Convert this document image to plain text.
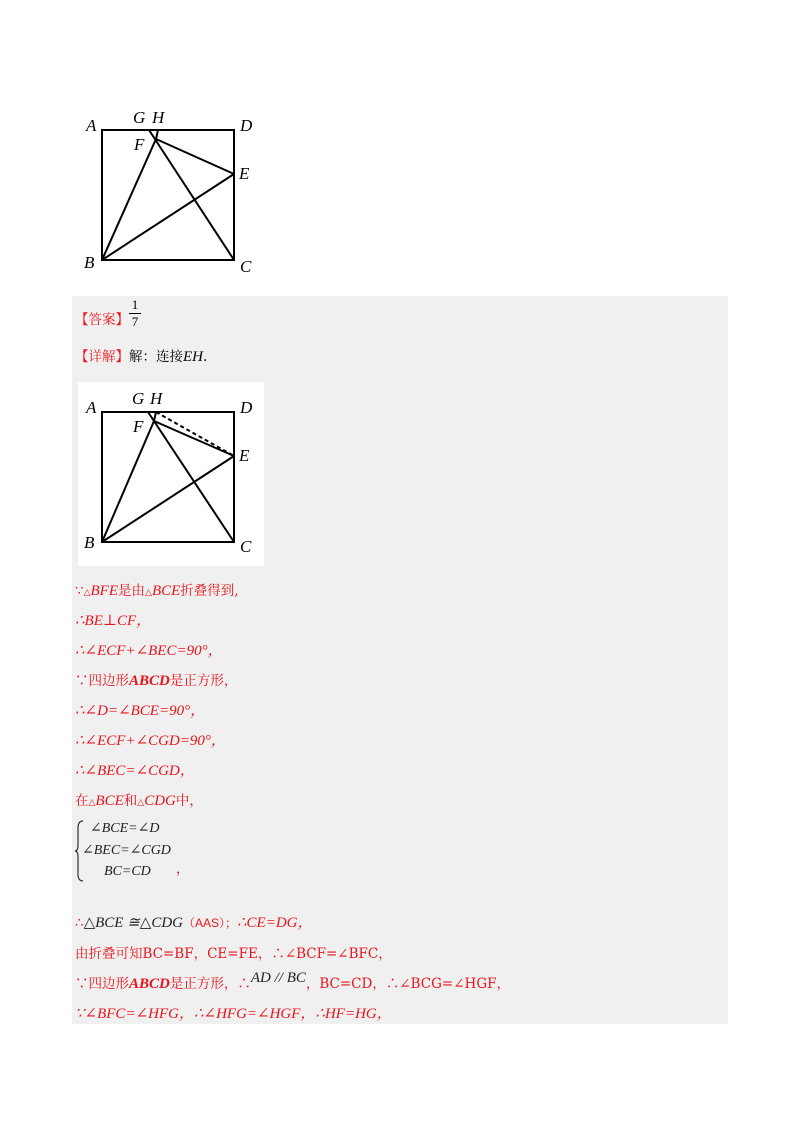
A G H	D
F
E
B	C
【答案】
1
7
【详解】解：连接EH.
A G H	D
F
E
B	C
∵△BFE是由△BCE折叠得到,
∴BE⊥CF，
∴∠ECF+∠BEC=90°，
∵四边形ABCD是正方形，
∴∠D=∠BCE=90°，
∴∠ECF+∠CGD=90°，
∴∠BEC=∠CGD，
在△BCE和△CDG中，
∠BCE=∠D
∠BEC=∠CGD
BC=CD ，
∴△BCE ≅△CDG（AAS）；∴CE=DG，
由折叠可知BC=BF，CE=FE，∴∠BCF=∠BFC，
∵四边形ABCD是正方形，∴AD // BC，BC=CD，∴∠BCG=∠HGF，
∵∠BFC=∠HFG，∴∠HFG=∠HGF，∴HF=HG，
